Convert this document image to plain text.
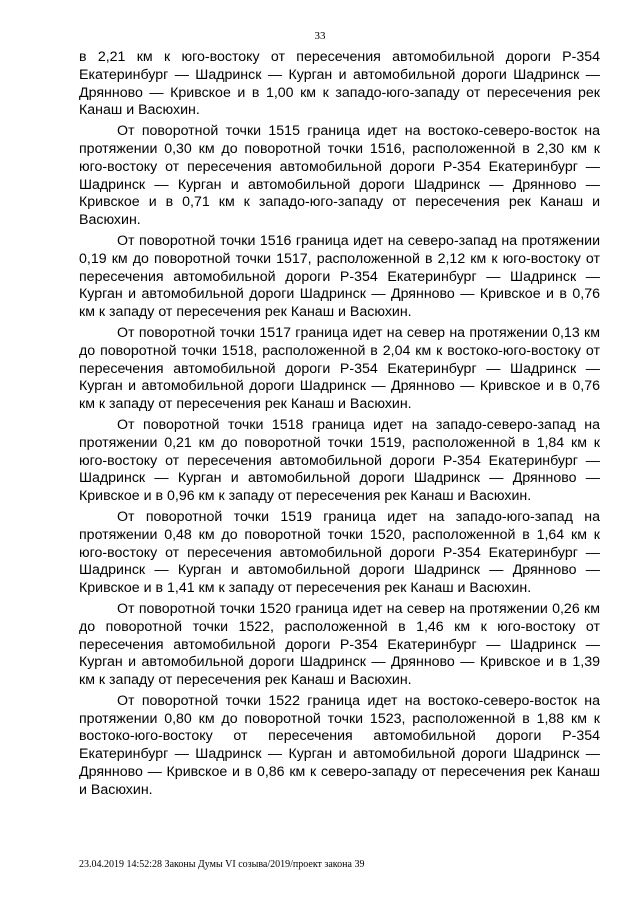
33

в 2,21 км к юго-востоку от пересечения автомобильной дороги Р-354 Екатеринбург — Шадринск — Курган и автомобильной дороги Шадринск — Дрянново — Кривское и в 1,00 км к западо-юго-западу от пересечения рек Канаш и Васюхин.

От поворотной точки 1515 граница идет на востоко-северо-восток на протяжении 0,30 км до поворотной точки 1516, расположенной в 2,30 км к юго-востоку от пересечения автомобильной дороги Р-354 Екатеринбург — Шадринск — Курган и автомобильной дороги Шадринск — Дрянново — Кривское и в 0,71 км к западо-юго-западу от пересечения рек Канаш и Васюхин.

От поворотной точки 1516 граница идет на северо-запад на протяжении 0,19 км до поворотной точки 1517, расположенной в 2,12 км к юго-востоку от пересечения автомобильной дороги Р-354 Екатеринбург — Шадринск — Курган и автомобильной дороги Шадринск — Дрянново — Кривское и в 0,76 км к западу от пересечения рек Канаш и Васюхин.

От поворотной точки 1517 граница идет на север на протяжении 0,13 км до поворотной точки 1518, расположенной в 2,04 км к востоко-юго-востоку от пересечения автомобильной дороги Р-354 Екатеринбург — Шадринск — Курган и автомобильной дороги Шадринск — Дрянново — Кривское и в 0,76 км к западу от пересечения рек Канаш и Васюхин.

От поворотной точки 1518 граница идет на западо-северо-запад на протяжении 0,21 км до поворотной точки 1519, расположенной в 1,84 км к юго-востоку от пересечения автомобильной дороги Р-354 Екатеринбург — Шадринск — Курган и автомобильной дороги Шадринск — Дрянново — Кривское и в 0,96 км к западу от пересечения рек Канаш и Васюхин.

От поворотной точки 1519 граница идет на западо-юго-запад на протяжении 0,48 км до поворотной точки 1520, расположенной в 1,64 км к юго-востоку от пересечения автомобильной дороги Р-354 Екатеринбург — Шадринск — Курган и автомобильной дороги Шадринск — Дрянново — Кривское и в 1,41 км к западу от пересечения рек Канаш и Васюхин.

От поворотной точки 1520 граница идет на север на протяжении 0,26 км до поворотной точки 1522, расположенной в 1,46 км к юго-востоку от пересечения автомобильной дороги Р-354 Екатеринбург — Шадринск — Курган и автомобильной дороги Шадринск — Дрянново — Кривское и в 1,39 км к западу от пересечения рек Канаш и Васюхин.

От поворотной точки 1522 граница идет на востоко-северо-восток на протяжении 0,80 км до поворотной точки 1523, расположенной в 1,88 км к востоко-юго-востоку от пересечения автомобильной дороги Р-354 Екатеринбург — Шадринск — Курган и автомобильной дороги Шадринск — Дрянново — Кривское и в 0,86 км к северо-западу от пересечения рек Канаш и Васюхин.

23.04.2019 14:52:28 Законы Думы VI созыва/2019/проект закона 39
